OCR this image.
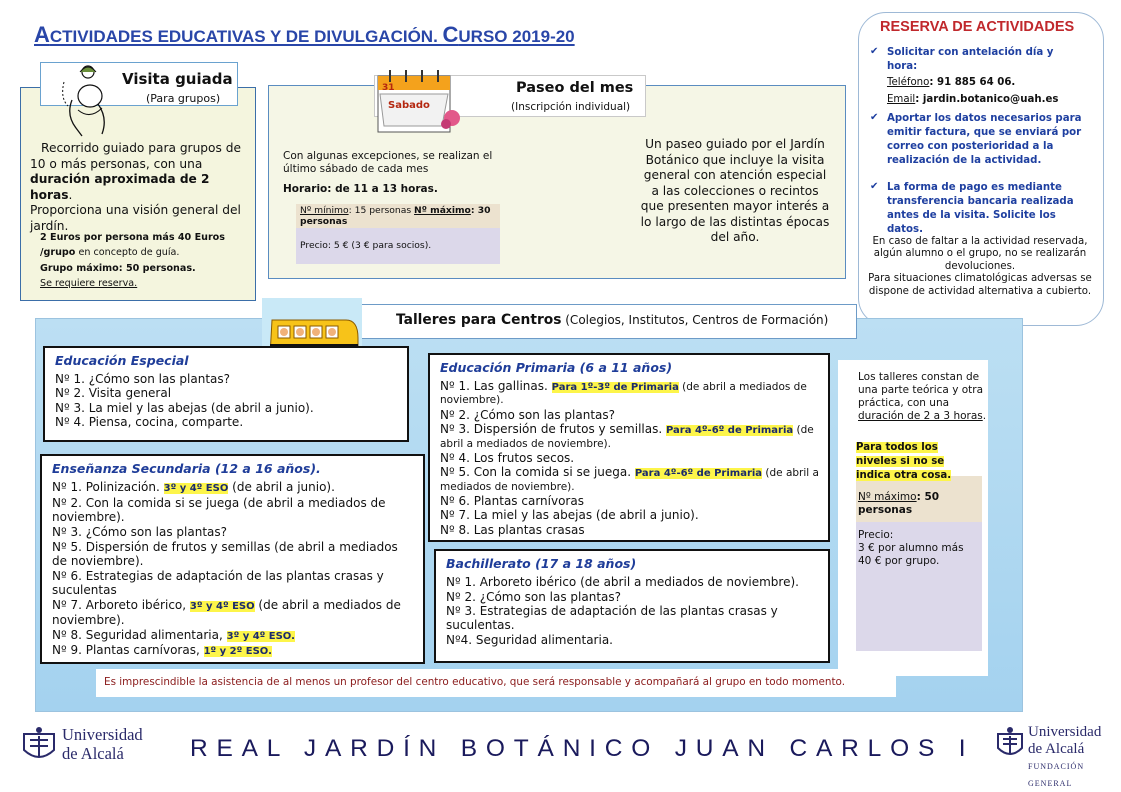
ACTIVIDADES EDUCATIVAS Y DE DIVULGACIÓN. CURSO 2019-20
Visita guiada
(Para grupos)
Recorrido guiado para grupos de
10 o más personas, con una
duración aproximada de 2 horas.
Proporciona una visión general del
jardín.
2 Euros por persona más 40 Euros
/grupo en concepto de guía.
Grupo máximo: 50 personas.
Se requiere reserva.
31
Sabado
Paseo del mes
(Inscripción individual)
Con algunas excepciones, se realizan el último sábado de cada mes
Horario: de 11 a 13 horas.
Nº mínimo: 15 personas Nº máximo: 30 personas
Precio: 5 € (3 € para socios).
Un paseo guiado por el Jardín Botánico que incluye la visita general con atención especial a las colecciones o recintos que presenten mayor interés a lo largo de las distintas épocas del año.
RESERVA DE ACTIVIDADES
✔ Solicitar con antelación día y hora:
Teléfono: 91 885 64 06.
Email: jardin.botanico@uah.es
✔ Aportar los datos necesarios para emitir factura, que se enviará por correo con posterioridad a la realización de la actividad.
✔ La forma de pago es mediante transferencia bancaria realizada antes de la visita. Solicite los datos.
En caso de faltar a la actividad reservada, algún alumno o el grupo, no se realizarán devoluciones.
Para situaciones climatológicas adversas se dispone de actividad alternativa a cubierto.
Talleres para Centros (Colegios, Institutos, Centros de Formación)
Educación Especial
Nº 1. ¿Cómo son las plantas?
Nº 2. Visita general
Nº 3. La miel y las abejas (de abril a junio).
Nº 4. Piensa, cocina, comparte.
Enseñanza Secundaria (12 a 16 años).
Nº 1. Polinización. 3º y 4º ESO (de abril a junio).
Nº 2. Con la comida si se juega (de abril a mediados de
noviembre).
Nº 3. ¿Cómo son las plantas?
Nº 5. Dispersión de frutos y semillas (de abril a mediados
de noviembre).
Nº 6. Estrategias de adaptación de las plantas crasas y
suculentas
Nº 7. Arboreto ibérico, 3º y 4º ESO (de abril a mediados de
noviembre).
Nº 8. Seguridad alimentaria, 3º y 4º ESO.
Nº 9. Plantas carnívoras, 1º y 2º ESO.
Educación Primaria (6 a 11 años)
Nº 1. Las gallinas. Para 1º-3º de Primaria (de abril a mediados de
noviembre).
Nº 2. ¿Cómo son las plantas?
Nº 3. Dispersión de frutos y semillas. Para 4º-6º de Primaria (de
abril a mediados de noviembre).
Nº 4. Los frutos secos.
Nº 5. Con la comida si se juega. Para 4º-6º de Primaria (de abril a
mediados de noviembre).
Nº 6. Plantas carnívoras
Nº 7. La miel y las abejas (de abril a junio).
Nº 8. Las plantas crasas
Bachillerato (17 a 18 años)
Nº 1. Arboreto ibérico (de abril a mediados de noviembre).
Nº 2. ¿Cómo son las plantas?
Nº 3. Estrategias de adaptación de las plantas crasas y
suculentas.
Nº4. Seguridad alimentaria.
Los talleres constan de una parte teórica y otra práctica, con una duración de 2 a 3 horas.
Para todos los niveles si no se indica otra cosa.
Nº máximo: 50 personas
Precio:
3 € por alumno más
40 € por grupo.
Es imprescindible la asistencia de al menos un profesor del centro educativo, que será responsable y acompañará al grupo en todo momento.
Universidad
de Alcalá	REAL JARDÍN BOTÁNICO JUAN CARLOS I
Universidad
de Alcalá
FUNDACIÓN GENERAL
